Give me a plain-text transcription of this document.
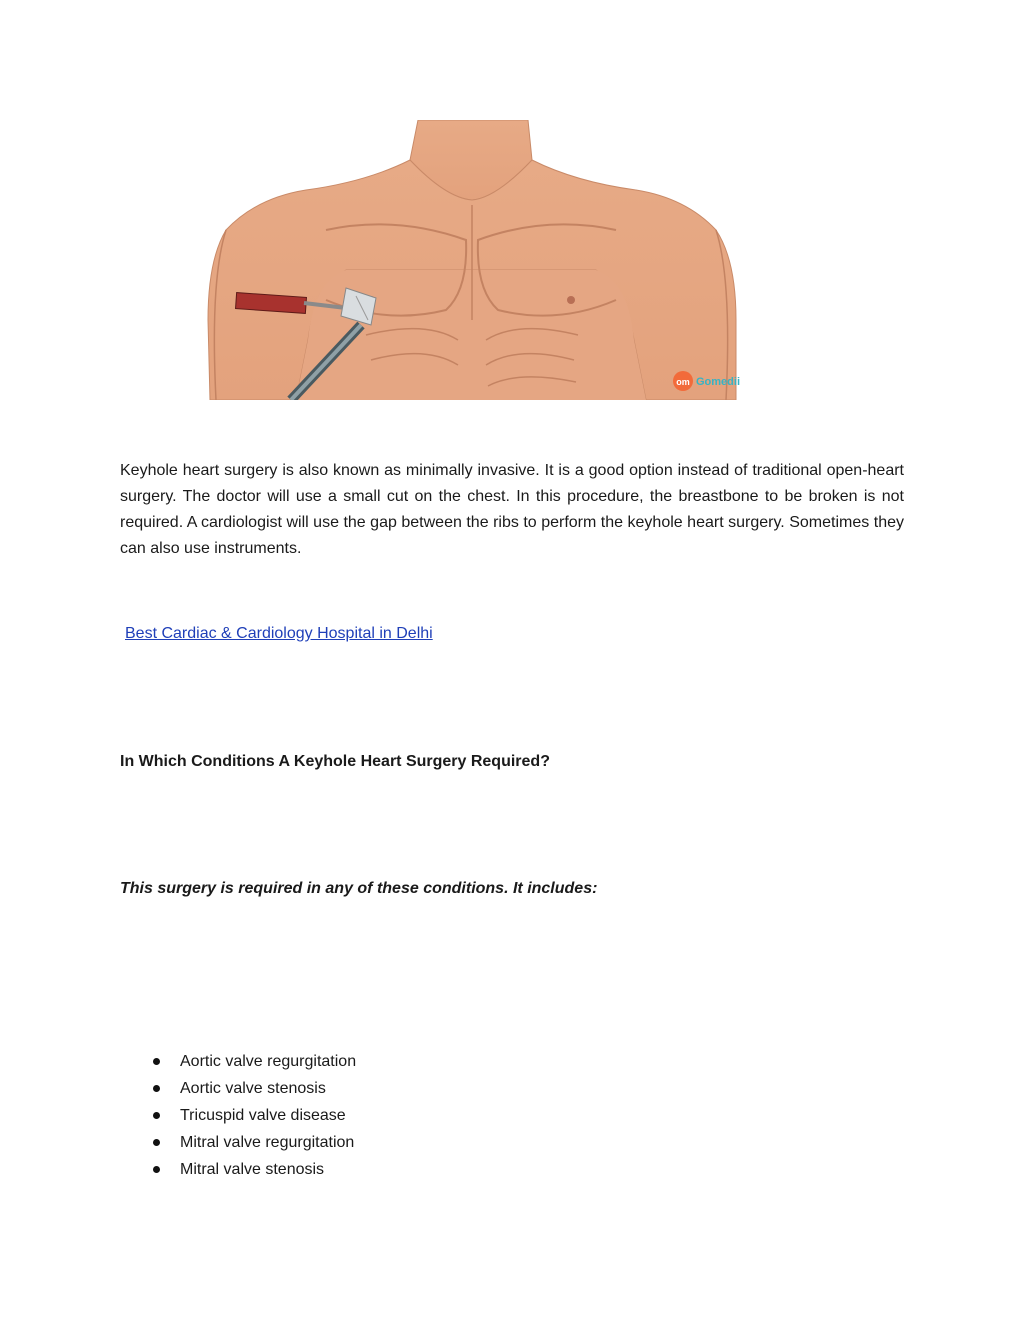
om Gomedii

Keyhole heart surgery is also known as minimally invasive. It is a good option instead of traditional open-heart surgery. The doctor will use a small cut on the chest. In this procedure, the breastbone to be broken is not required. A cardiologist will use the gap between the ribs to perform the keyhole heart surgery. Sometimes they can also use instruments.

Best Cardiac & Cardiology Hospital in Delhi
In Which Conditions A Keyhole Heart Surgery Required?

This surgery is required in any of these conditions. It includes:

Aortic valve regurgitation
Aortic valve stenosis
Tricuspid valve disease
Mitral valve regurgitation
Mitral valve stenosis
